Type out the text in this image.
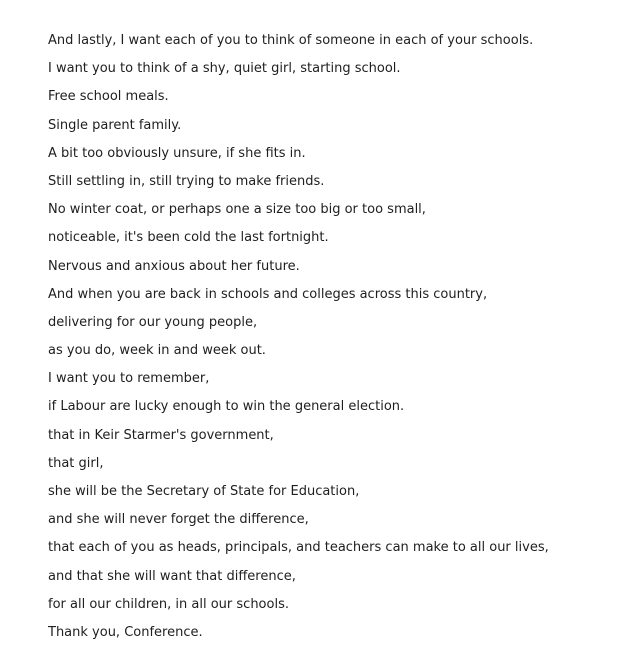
And lastly, I want each of you to think of someone in each of your schools.

I want you to think of a shy, quiet girl, starting school.

Free school meals.

Single parent family.

A bit too obviously unsure, if she fits in.

Still settling in, still trying to make friends.

No winter coat, or perhaps one a size too big or too small,

noticeable, it's been cold the last fortnight.

Nervous and anxious about her future.

And when you are back in schools and colleges across this country,

delivering for our young people,

as you do, week in and week out.

I want you to remember,

if Labour are lucky enough to win the general election.

that in Keir Starmer's government,

that girl,

she will be the Secretary of State for Education,

and she will never forget the difference,

that each of you as heads, principals, and teachers can make to all our lives,

and that she will want that difference,

for all our children, in all our schools.

Thank you, Conference.
